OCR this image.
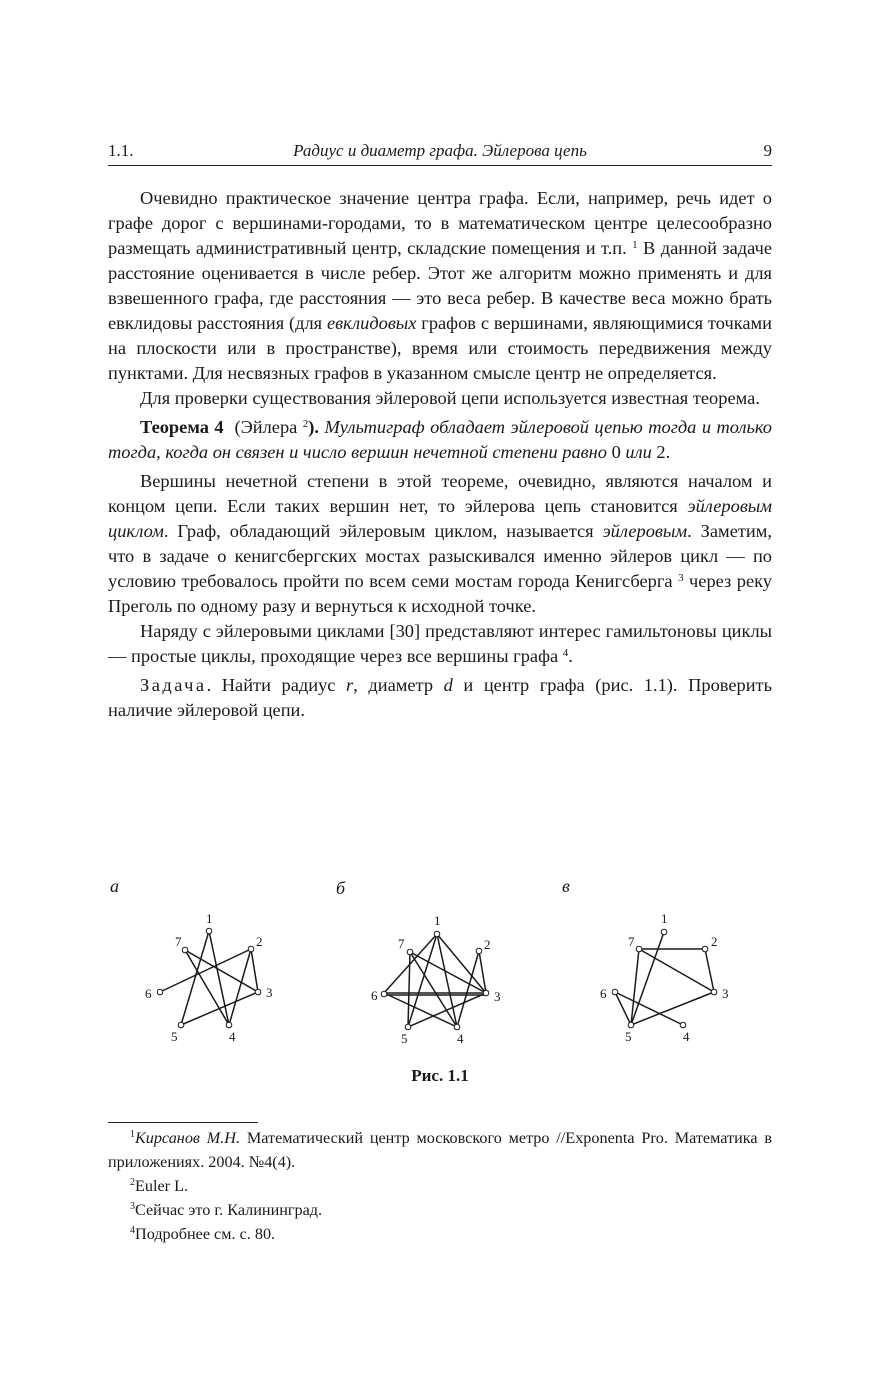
1.1.	Радиус и диаметр графа. Эйлерова цепь	9

Очевидно практическое значение центра графа. Если, например, речь идет о графе дорог с вершинами-городами, то в математическом центре целесообразно размещать административный центр, складские помещения и т.п. $^1$ В данной задаче расстояние оценивается в числе ребер. Этот же алгоритм можно применять и для взвешенного графа, где расстояния — это веса ребер. В качестве веса можно брать евклидовы расстояния (для евклидовых графов с вершинами, являющимися точками на плоскости или в пространстве), время или стоимость передвижения между пунктами. Для несвязных графов в указанном смысле центр не определяется.

Для проверки существования эйлеровой цепи используется известная теорема.

Теорема 4 (Эйлера $^2$). Мультиграф обладает эйлеровой цепью тогда и только тогда, когда он связен и число вершин нечетной степени равно 0 или 2.

Вершины нечетной степени в этой теореме, очевидно, являются началом и концом цепи. Если таких вершин нет, то эйлерова цепь становится эйлеровым циклом. Граф, обладающий эйлеровым циклом, называется эйлеровым. Заметим, что в задаче о кенигсбергских мостах разыскивался именно эйлеров цикл — по условию требовалось пройти по всем семи мостам города Кенигсберга $^3$ через реку Преголь по одному разу и вернуться к исходной точке.

Наряду с эйлеровыми циклами [30] представляют интерес гамильтоновы циклы — простые циклы, проходящие через все вершины графа $^4$.

Задача. Найти радиус r, диаметр d и центр графа (рис. 1.1). Проверить наличие эйлеровой цепи.

а	б	в
1
2
3
4
5
6
7
1
2
3
4
5
6
7
1
2
3
4
5
6
7
Рис. 1.1

$^1$Кирсанов М.Н. Математический центр московского метро //Exponenta Pro. Математика в приложениях. 2004. №4(4).

$^2$Euler L.

$^3$Сейчас это г. Калининград.

$^4$Подробнее см. с. 80.
